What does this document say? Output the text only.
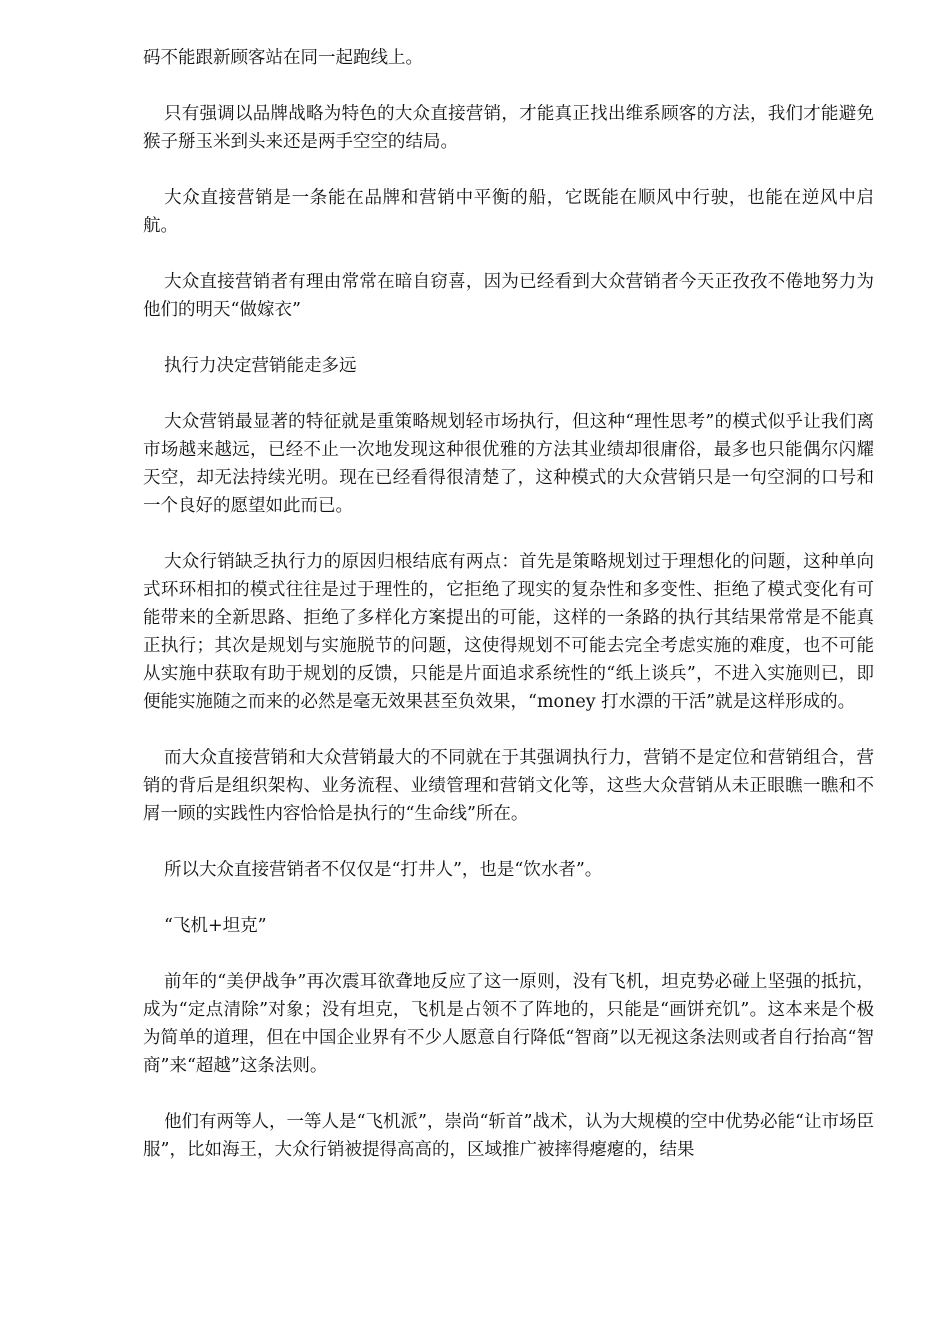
码不能跟新顾客站在同一起跑线上。

只有强调以品牌战略为特色的大众直接营销，才能真正找出维系顾客的方法，我们才能避免猴子掰玉米到头来还是两手空空的结局。

大众直接营销是一条能在品牌和营销中平衡的船，它既能在顺风中行驶，也能在逆风中启航。

大众直接营销者有理由常常在暗自窃喜，因为已经看到大众营销者今天正孜孜不倦地努力为他们的明天“做嫁衣”

执行力决定营销能走多远

大众营销最显著的特征就是重策略规划轻市场执行，但这种“理性思考”的模式似乎让我们离市场越来越远，已经不止一次地发现这种很优雅的方法其业绩却很庸俗，最多也只能偶尔闪耀天空，却无法持续光明。现在已经看得很清楚了，这种模式的大众营销只是一句空洞的口号和一个良好的愿望如此而已。

大众行销缺乏执行力的原因归根结底有两点：首先是策略规划过于理想化的问题，这种单向式环环相扣的模式往往是过于理性的，它拒绝了现实的复杂性和多变性、拒绝了模式变化有可能带来的全新思路、拒绝了多样化方案提出的可能，这样的一条路的执行其结果常常是不能真正执行；其次是规划与实施脱节的问题，这使得规划不可能去完全考虑实施的难度，也不可能从实施中获取有助于规划的反馈，只能是片面追求系统性的“纸上谈兵”，不进入实施则已，即便能实施随之而来的必然是毫无效果甚至负效果，“money 打水漂的干活”就是这样形成的。

而大众直接营销和大众营销最大的不同就在于其强调执行力，营销不是定位和营销组合，营销的背后是组织架构、业务流程、业绩管理和营销文化等，这些大众营销从未正眼瞧一瞧和不屑一顾的实践性内容恰恰是执行的“生命线”所在。

所以大众直接营销者不仅仅是“打井人”，也是“饮水者”。

“飞机+坦克”

前年的“美伊战争”再次震耳欲聋地反应了这一原则，没有飞机，坦克势必碰上坚强的抵抗，成为“定点清除”对象；没有坦克，飞机是占领不了阵地的，只能是“画饼充饥”。这本来是个极为简单的道理，但在中国企业界有不少人愿意自行降低“智商”以无视这条法则或者自行抬高“智商”来“超越”这条法则。

他们有两等人，一等人是“飞机派”，崇尚“斩首”战术，认为大规模的空中优势必能“让市场臣服”，比如海王，大众行销被提得高高的，区域推广被摔得瘪瘪的，结果
